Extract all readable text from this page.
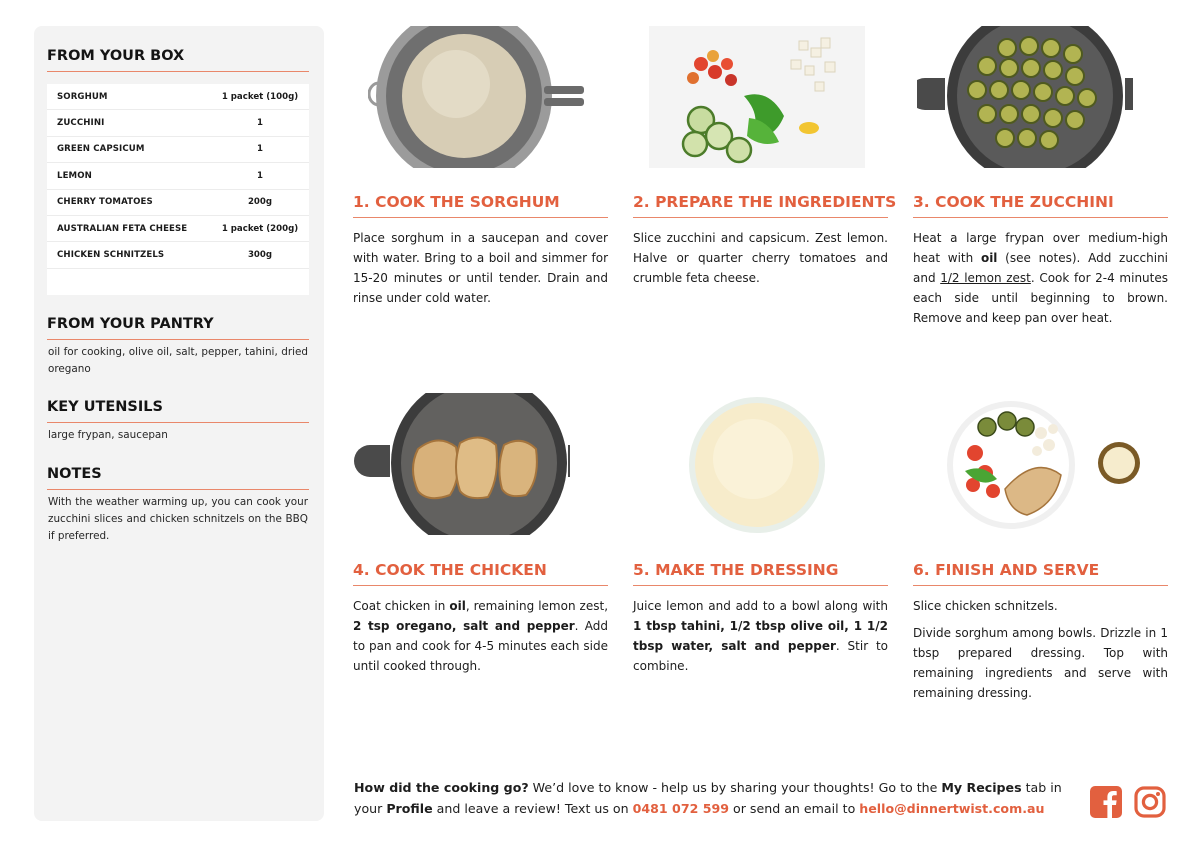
FROM YOUR BOX
SORGHUM	1 packet (100g)
ZUCCHINI	1
GREEN CAPSICUM	1
LEMON	1
CHERRY TOMATOES	200g
AUSTRALIAN FETA CHEESE	1 packet (200g)
CHICKEN SCHNITZELS	300g
FROM YOUR PANTRY

oil for cooking, olive oil, salt, pepper, tahini, dried oregano

KEY UTENSILS

large frypan, saucepan

NOTES

With the weather warming up, you can cook your zucchini slices and chicken schnitzels on the BBQ if preferred.

1. COOK THE SORGHUM

Place sorghum in a saucepan and cover with water. Bring to a boil and simmer for 15-20 minutes or until tender. Drain and rinse under cold water.

2. PREPARE THE INGREDIENTS

Slice zucchini and capsicum. Zest lemon. Halve or quarter cherry tomatoes and crumble feta cheese.

3. COOK THE ZUCCHINI

Heat a large frypan over medium-high heat with oil (see notes). Add zucchini and 1/2 lemon zest. Cook for 2-4 minutes each side until beginning to brown. Remove and keep pan over heat.

4. COOK THE CHICKEN

Coat chicken in oil, remaining lemon zest, 2 tsp oregano, salt and pepper. Add to pan and cook for 4-5 minutes each side until cooked through.

5. MAKE THE DRESSING

Juice lemon and add to a bowl along with 1 tbsp tahini, 1/2 tbsp olive oil, 1 1/2 tbsp water, salt and pepper. Stir to combine.

6. FINISH AND SERVE

Slice chicken schnitzels.

Divide sorghum among bowls. Drizzle in 1 tbsp prepared dressing. Top with remaining ingredients and serve with remaining dressing.

How did the cooking go? We’d love to know - help us by sharing your thoughts! Go to the My Recipes tab in your Profile and leave a review! Text us on 0481 072 599 or send an email to hello@dinnertwist.com.au
